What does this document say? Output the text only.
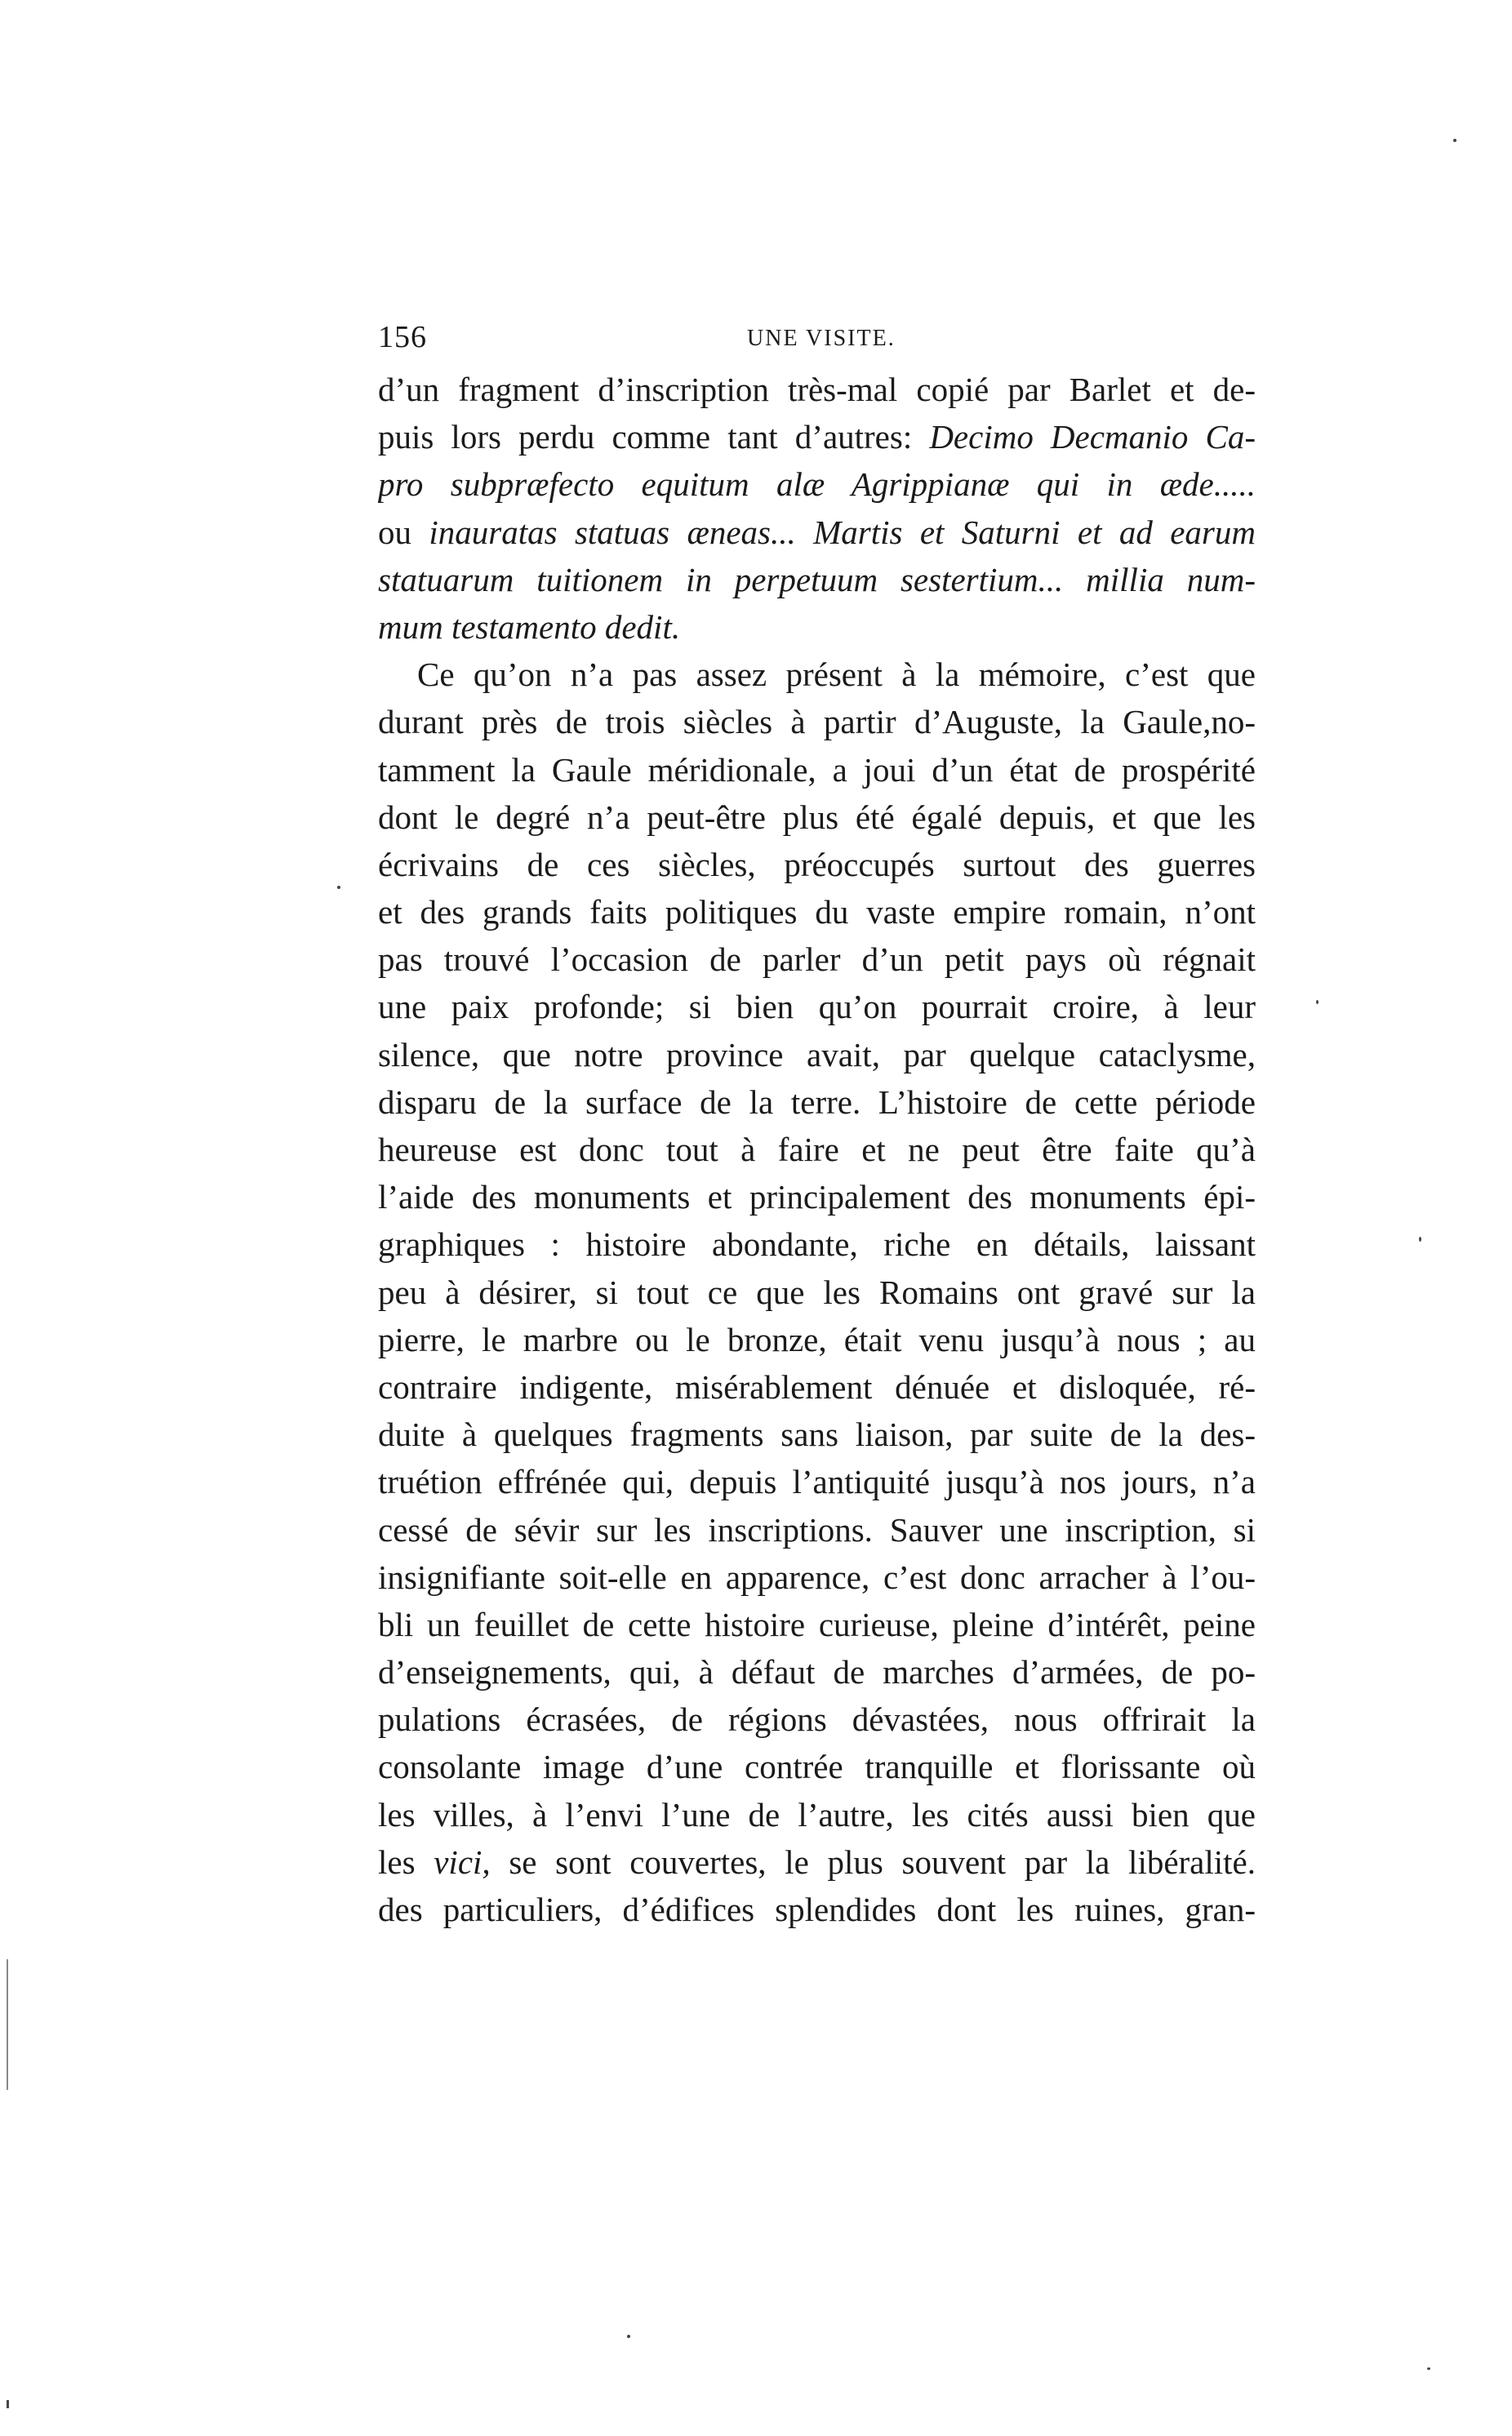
156	UNE VISITE.
d’un fragment d’inscription très-mal copié par Barlet et de-
puis lors perdu comme tant d’autres: Decimo Decmanio Ca-
pro subpræfecto equitum alæ Agrippianæ qui in æde.....
ou inauratas statuas æneas... Martis et Saturni et ad earum
statuarum tuitionem in perpetuum sestertium... millia num-
mum testamento dedit.
Ce qu’on n’a pas assez présent à la mémoire, c’est que
durant près de trois siècles à partir d’Auguste, la Gaule,no-
tamment la Gaule méridionale, a joui d’un état de prospérité
dont le degré n’a peut-être plus été égalé depuis, et que les
écrivains de ces siècles, préoccupés surtout des guerres
et des grands faits politiques du vaste empire romain, n’ont
pas trouvé l’occasion de parler d’un petit pays où régnait
une paix profonde; si bien qu’on pourrait croire, à leur
silence, que notre province avait, par quelque cataclysme,
disparu de la surface de la terre. L’histoire de cette période
heureuse est donc tout à faire et ne peut être faite qu’à
l’aide des monuments et principalement des monuments épi-
graphiques : histoire abondante, riche en détails, laissant
peu à désirer, si tout ce que les Romains ont gravé sur la
pierre, le marbre ou le bronze, était venu jusqu’à nous ; au
contraire indigente, misérablement dénuée et disloquée, ré-
duite à quelques fragments sans liaison, par suite de la des-
truétion effrénée qui, depuis l’antiquité jusqu’à nos jours, n’a
cessé de sévir sur les inscriptions. Sauver une inscription, si
insignifiante soit-elle en apparence, c’est donc arracher à l’ou-
bli un feuillet de cette histoire curieuse, pleine d’intérêt, peine
d’enseignements, qui, à défaut de marches d’armées, de po-
pulations écrasées, de régions dévastées, nous offrirait la
consolante image d’une contrée tranquille et florissante où
les villes, à l’envi l’une de l’autre, les cités aussi bien que
les vici, se sont couvertes, le plus souvent par la libéralité.
des particuliers, d’édifices splendides dont les ruines, gran-
